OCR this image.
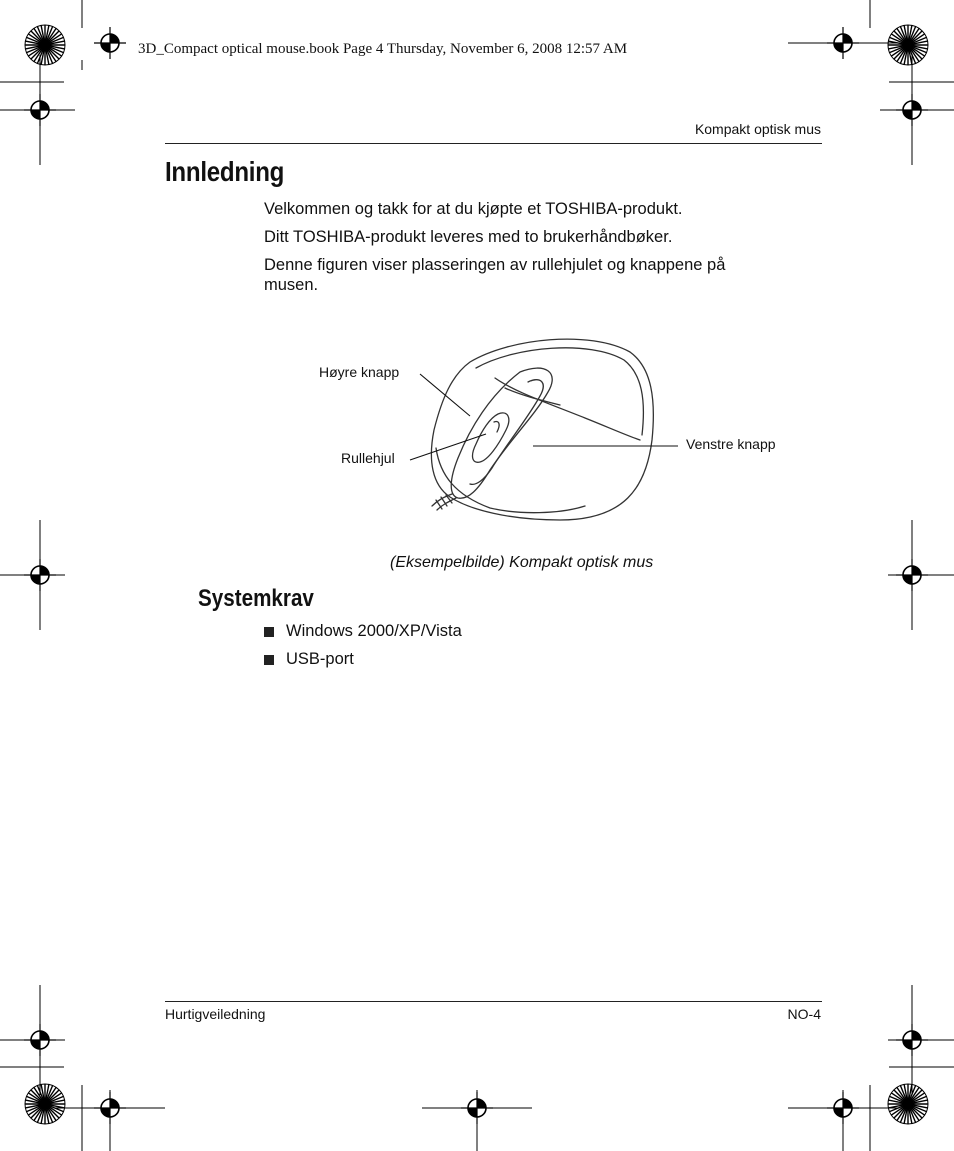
3D_Compact optical mouse.book Page 4 Thursday, November 6, 2008 12:57 AM
Kompakt optisk mus
Innledning
Velkommen og takk for at du kjøpte et TOSHIBA-produkt.
Ditt TOSHIBA-produkt leveres med to brukerhåndbøker.
Denne figuren viser plasseringen av rullehjulet og knappene på musen.
Høyre knapp
Rullehjul
Venstre knapp
(Eksempelbilde) Kompakt optisk mus
Systemkrav
Windows 2000/XP/Vista
USB-port
Hurtigveiledning	NO-4
